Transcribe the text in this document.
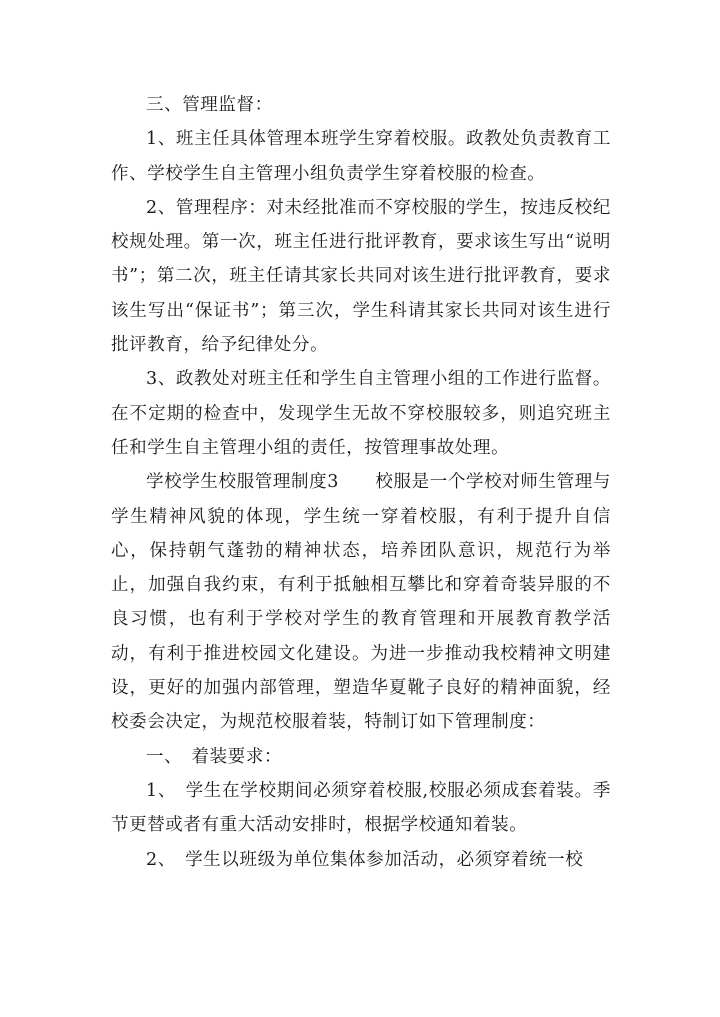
三、管理监督：

1、班主任具体管理本班学生穿着校服。政教处负责教育工作、学校学生自主管理小组负责学生穿着校服的检查。

2、管理程序：对未经批准而不穿校服的学生，按违反校纪校规处理。第一次，班主任进行批评教育，要求该生写出“说明书”；第二次，班主任请其家长共同对该生进行批评教育，要求该生写出“保证书”；第三次，学生科请其家长共同对该生进行批评教育，给予纪律处分。

3、政教处对班主任和学生自主管理小组的工作进行监督。在不定期的检查中，发现学生无故不穿校服较多，则追究班主任和学生自主管理小组的责任，按管理事故处理。

学校学生校服管理制度3　　校服是一个学校对师生管理与学生精神风貌的体现，学生统一穿着校服，有利于提升自信心，保持朝气蓬勃的精神状态，培养团队意识，规范行为举止，加强自我约束，有利于抵触相互攀比和穿着奇装异服的不良习惯，也有利于学校对学生的教育管理和开展教育教学活动，有利于推进校园文化建设。为进一步推动我校精神文明建设，更好的加强内部管理，塑造华夏靴子良好的精神面貌，经校委会决定，为规范校服着装，特制订如下管理制度：

一、　着装要求：

1、　学生在学校期间必须穿着校服,校服必须成套着装。季节更替或者有重大活动安排时，根据学校通知着装。

2、　学生以班级为单位集体参加活动，必须穿着统一校
